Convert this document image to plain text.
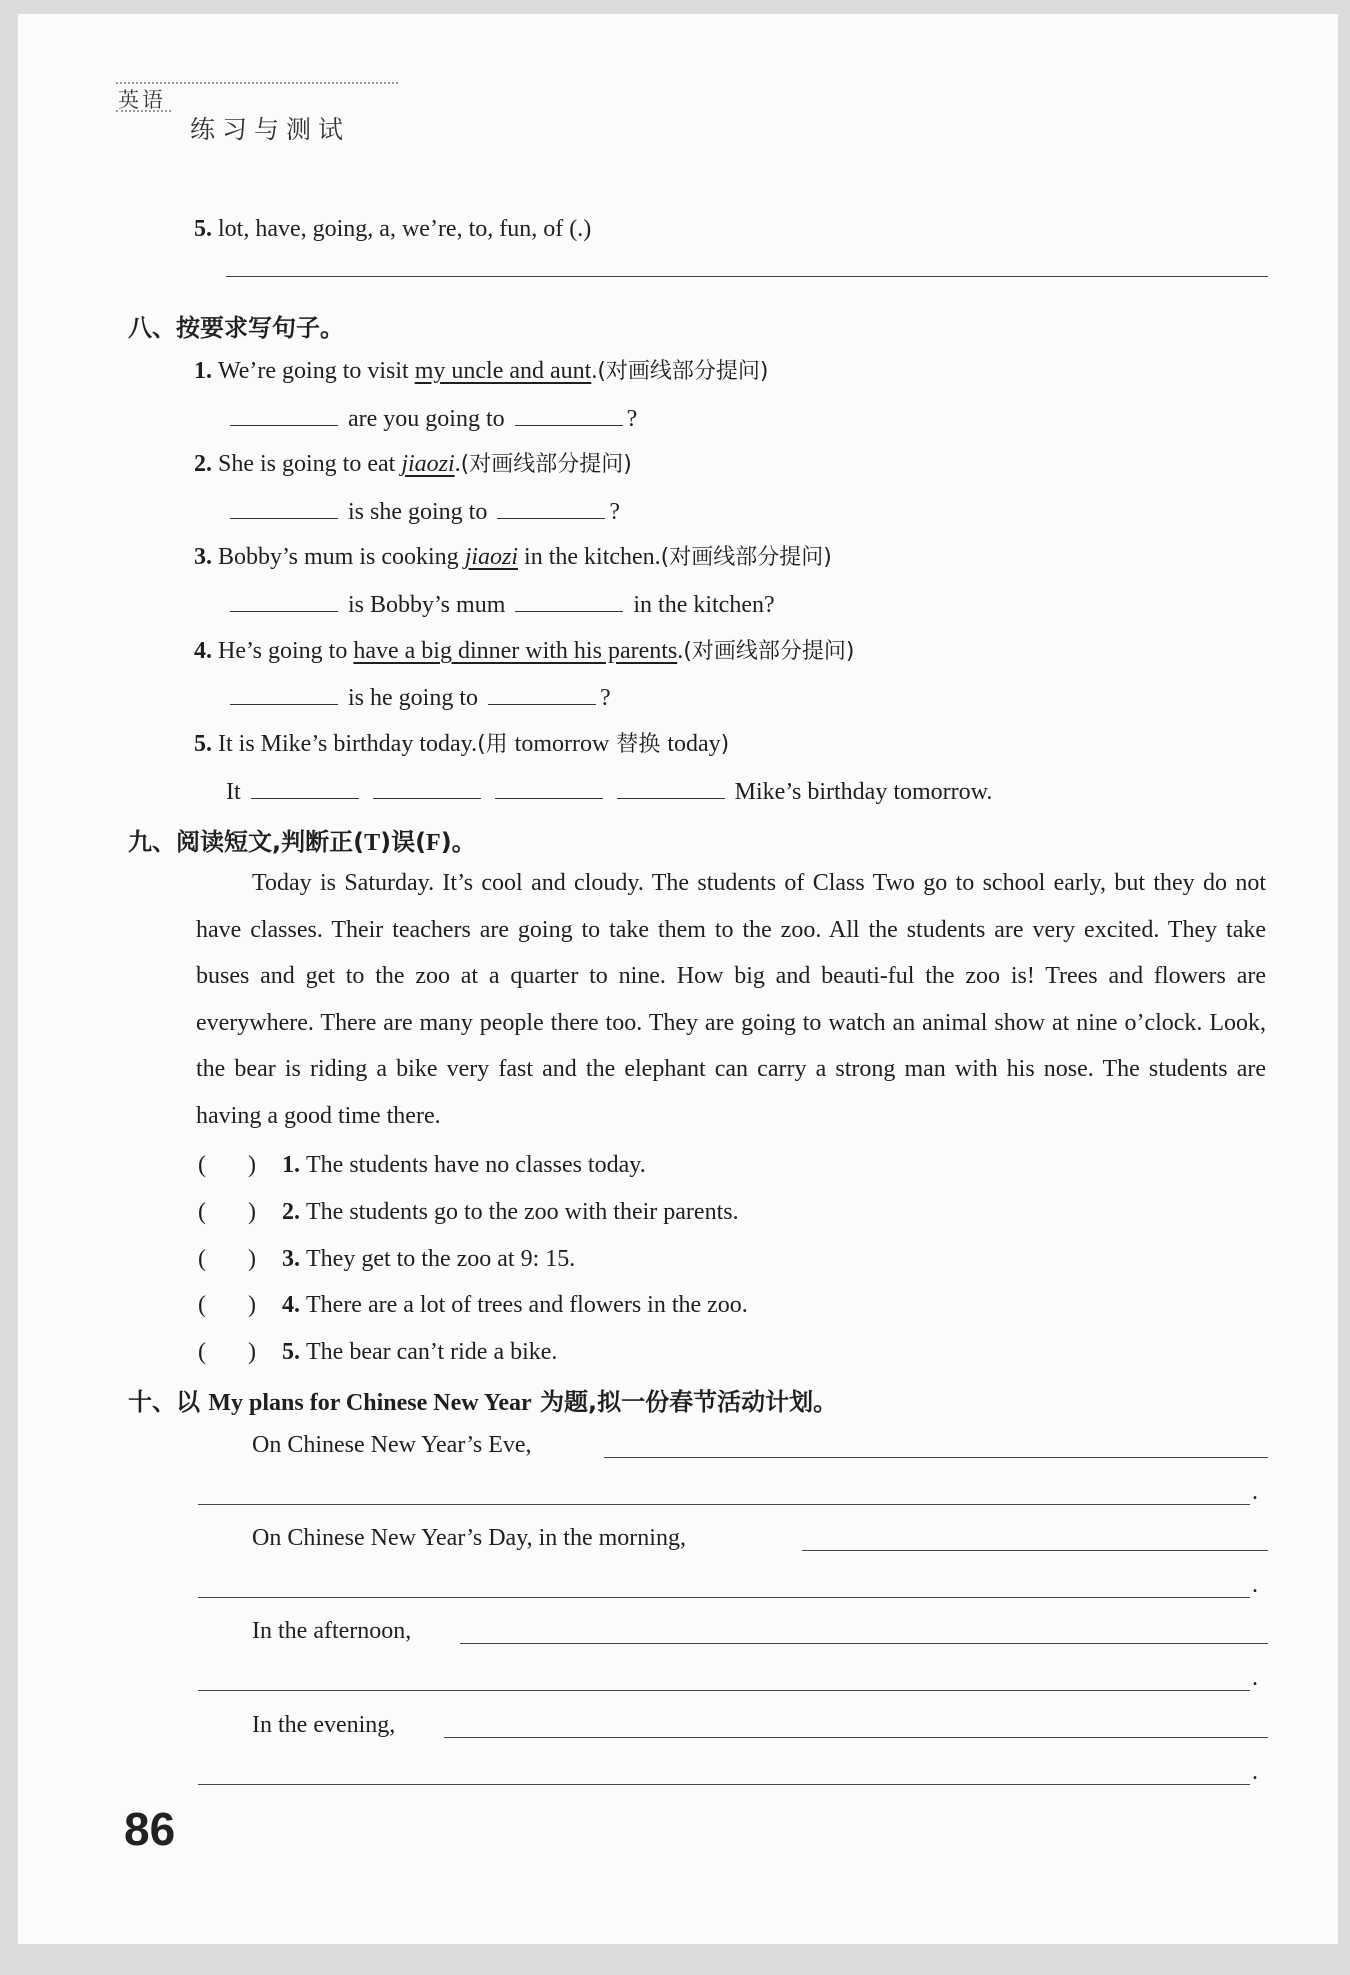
英语
练习与测试
5. lot, have, going, a, we’re, to, fun, of (.)
八、按要求写句子。
1. We’re going to visit my uncle and aunt.(对画线部分提问)
are you going to	?
2. She is going to eat jiaozi.(对画线部分提问)
is she going to	?
3. Bobby’s mum is cooking jiaozi in the kitchen.(对画线部分提问)
is Bobby’s mum	in the kitchen?
4. He’s going to have a big dinner with his parents.(对画线部分提问)
is he going to	?
5. It is Mike’s birthday today.(用 tomorrow 替换 today)
It	Mike’s birthday tomorrow.
九、阅读短文,判断正(T)误(F)。
Today is Saturday. It’s cool and cloudy. The students of Class Two go to school early, but they do not have classes. Their teachers are going to take them to the zoo. All the students are very excited. They take buses and get to the zoo at a quarter to nine. How big and beauti-ful the zoo is! Trees and flowers are everywhere. There are many people there too. They are going to watch an animal show at nine o’clock. Look, the bear is riding a bike very fast and the elephant can carry a strong man with his nose. The students are having a good time there.
( ) 1. The students have no classes today.
( ) 2. The students go to the zoo with their parents.
( ) 3. They get to the zoo at 9: 15.
( ) 4. There are a lot of trees and flowers in the zoo.
( ) 5. The bear can’t ride a bike.
十、以 My plans for Chinese New Year 为题,拟一份春节活动计划。
On Chinese New Year’s Eve,
.
On Chinese New Year’s Day, in the morning,
.
In the afternoon,
.
In the evening,
.
86
